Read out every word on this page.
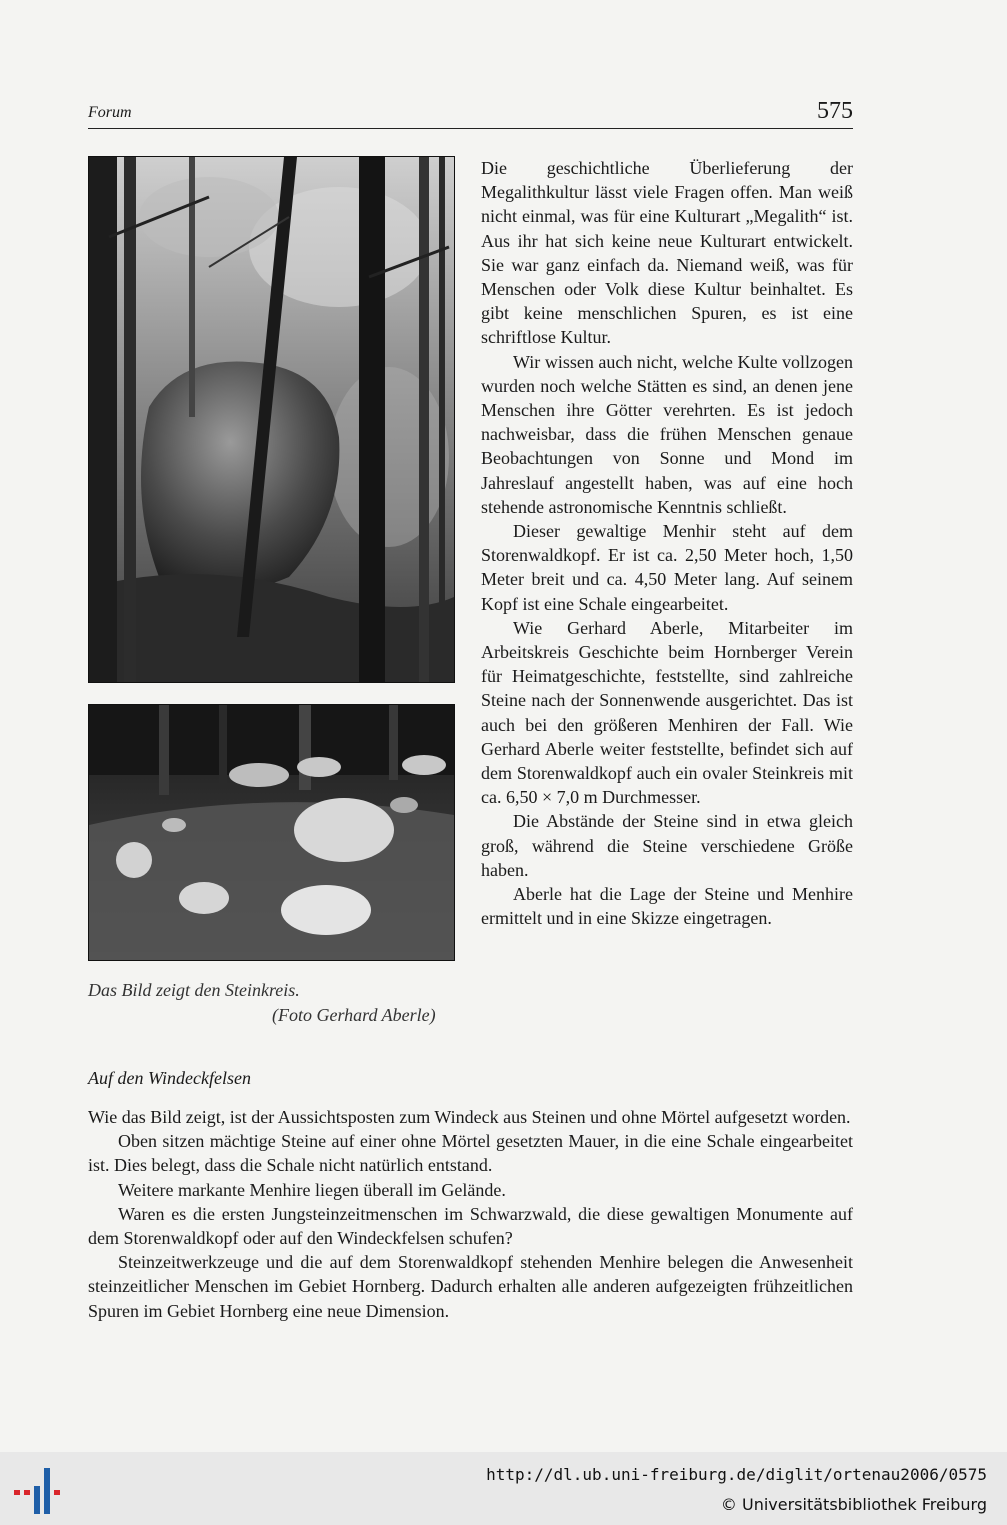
Forum	575
Das Bild zeigt den Steinkreis.
(Foto Gerhard Aberle)

Die geschichtliche Überlieferung der Megalithkultur lässt viele Fragen offen. Man weiß nicht einmal, was für eine Kulturart „Megalith“ ist. Aus ihr hat sich keine neue Kulturart entwickelt. Sie war ganz einfach da. Niemand weiß, was für Menschen oder Volk diese Kultur beinhaltet. Es gibt keine menschlichen Spuren, es ist eine schriftlose Kultur.

Wir wissen auch nicht, welche Kulte vollzogen wurden noch welche Stätten es sind, an denen jene Menschen ihre Götter verehrten. Es ist jedoch nachweisbar, dass die frühen Menschen genaue Beobachtungen von Sonne und Mond im Jahreslauf angestellt haben, was auf eine hoch stehende astronomische Kenntnis schließt.

Dieser gewaltige Menhir steht auf dem Storenwaldkopf. Er ist ca. 2,50 Meter hoch, 1,50 Meter breit und ca. 4,50 Meter lang. Auf seinem Kopf ist eine Schale eingearbeitet.

Wie Gerhard Aberle, Mitarbeiter im Arbeitskreis Geschichte beim Hornberger Verein für Heimatgeschichte, feststellte, sind zahlreiche Steine nach der Sonnenwende ausgerichtet. Das ist auch bei den größeren Menhiren der Fall. Wie Gerhard Aberle weiter feststellte, befindet sich auf dem Storenwaldkopf auch ein ovaler Steinkreis mit ca. 6,50 × 7,0 m Durchmesser.

Die Abstände der Steine sind in etwa gleich groß, während die Steine verschiedene Größe haben.

Aberle hat die Lage der Steine und Menhire ermittelt und in eine Skizze eingetragen.

Auf den Windeckfelsen

Wie das Bild zeigt, ist der Aussichtsposten zum Windeck aus Steinen und ohne Mörtel aufgesetzt worden.

Oben sitzen mächtige Steine auf einer ohne Mörtel gesetzten Mauer, in die eine Schale eingearbeitet ist. Dies belegt, dass die Schale nicht natürlich entstand.

Weitere markante Menhire liegen überall im Gelände.

Waren es die ersten Jungsteinzeitmenschen im Schwarzwald, die diese gewaltigen Monumente auf dem Storenwaldkopf oder auf den Windeckfelsen schufen?

Steinzeitwerkzeuge und die auf dem Storenwaldkopf stehenden Menhire belegen die Anwesenheit steinzeitlicher Menschen im Gebiet Hornberg. Dadurch erhalten alle anderen aufgezeigten frühzeitlichen Spuren im Gebiet Hornberg eine neue Dimension.

http://dl.ub.uni-freiburg.de/diglit/ortenau2006/0575
© Universitätsbibliothek Freiburg
